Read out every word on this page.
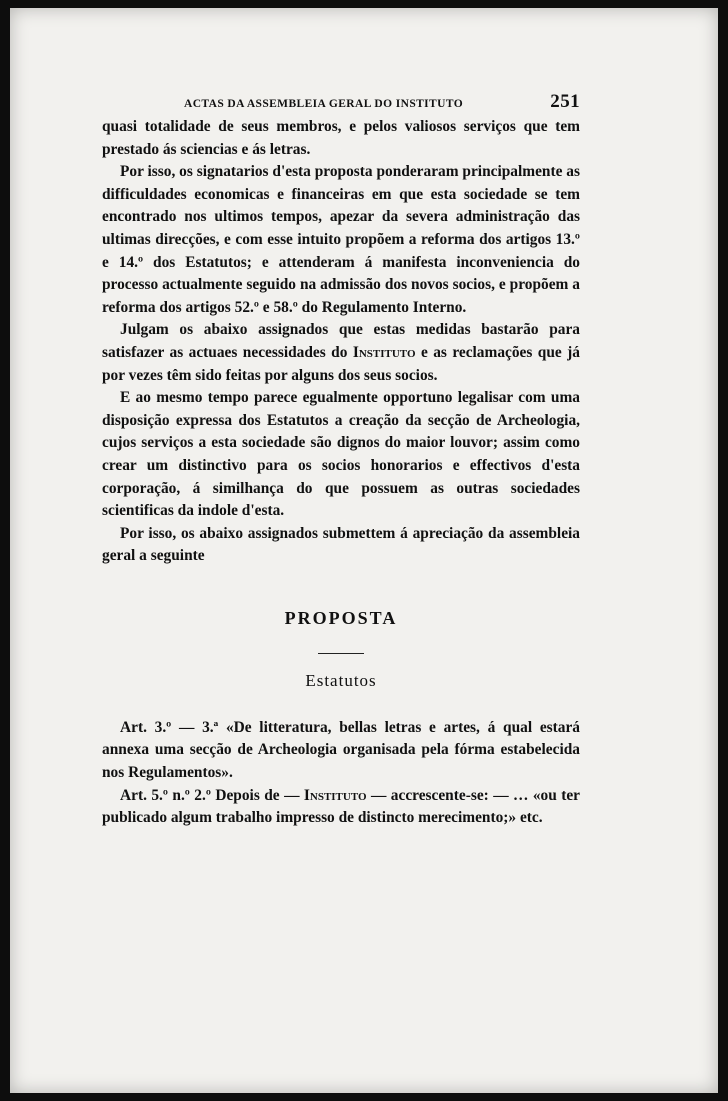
ACTAS DA ASSEMBLEIA GERAL DO INSTITUTO	251

quasi totalidade de seus membros, e pelos valiosos serviços que tem prestado ás sciencias e ás letras.

Por isso, os signatarios d'esta proposta ponderaram principalmente as difficuldades economicas e financeiras em que esta sociedade se tem encontrado nos ultimos tempos, apezar da severa administração das ultimas direcções, e com esse intuito propõem a reforma dos artigos 13.º e 14.º dos Estatutos; e attenderam á manifesta inconveniencia do processo actualmente seguido na admissão dos novos socios, e propõem a reforma dos artigos 52.º e 58.º do Regulamento Interno.

Julgam os abaixo assignados que estas medidas bastarão para satisfazer as actuaes necessidades do Instituto e as reclamações que já por vezes têm sido feitas por alguns dos seus socios.

E ao mesmo tempo parece egualmente opportuno legalisar com uma disposição expressa dos Estatutos a creação da secção de Archeologia, cujos serviços a esta sociedade são dignos do maior louvor; assim como crear um distinctivo para os socios honorarios e effectivos d'esta corporação, á similhança do que possuem as outras sociedades scientificas da indole d'esta.

Por isso, os abaixo assignados submettem á apreciação da assembleia geral a seguinte

PROPOSTA
Estatutos

Art. 3.º — 3.ª «De litteratura, bellas letras e artes, á qual estará annexa uma secção de Archeologia organisada pela fórma estabelecida nos Regulamentos».

Art. 5.º n.º 2.º Depois de — Instituto — accrescente-se: — … «ou ter publicado algum trabalho impresso de distincto merecimento;» etc.
